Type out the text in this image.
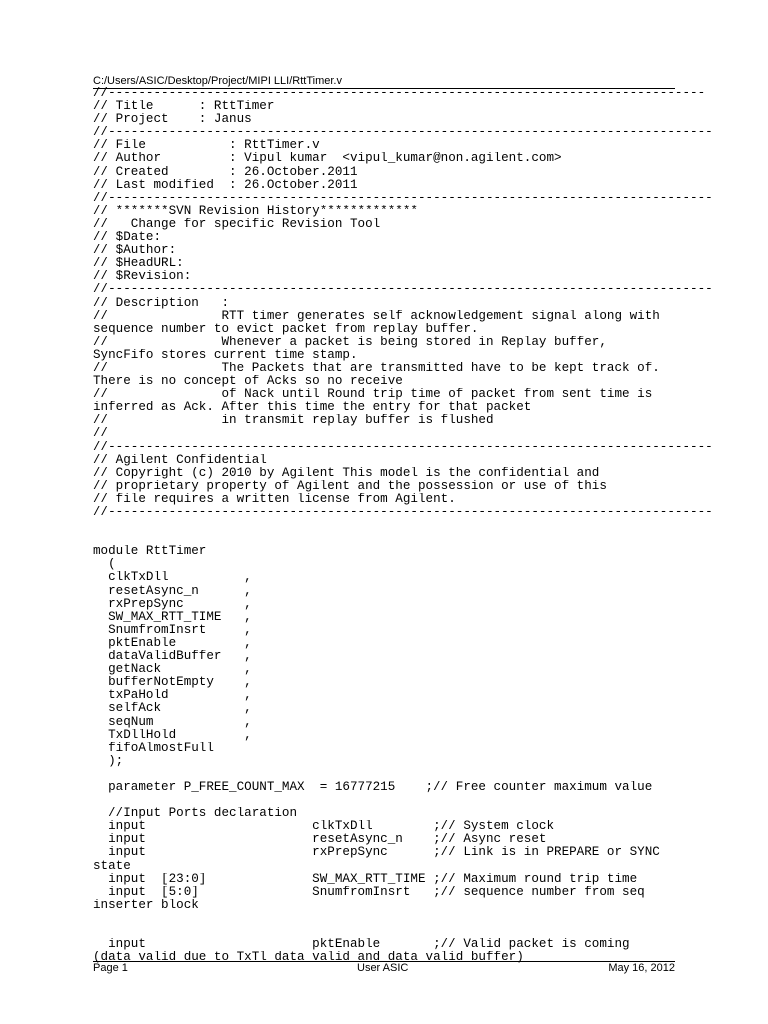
C:/Users/ASIC/Desktop/Project/MIPI LLI/RttTimer.v
//-------------------------------------------------------------------------------
// Title      : RttTimer
// Project    : Janus
//--------------------------------------------------------------------------------
// File           : RttTimer.v
// Author         : Vipul kumar  <vipul_kumar@non.agilent.com>
// Created        : 26.October.2011
// Last modified  : 26.October.2011
//--------------------------------------------------------------------------------
// *******SVN Revision History*************
//   Change for specific Revision Tool
// $Date:
// $Author:
// $HeadURL:
// $Revision:
//--------------------------------------------------------------------------------
// Description   :
//               RTT timer generates self acknowledgement signal along with
sequence number to evict packet from replay buffer.
//               Whenever a packet is being stored in Replay buffer,
SyncFifo stores current time stamp.
//               The Packets that are transmitted have to be kept track of.
There is no concept of Acks so no receive
//               of Nack until Round trip time of packet from sent time is
inferred as Ack. After this time the entry for that packet
//               in transmit replay buffer is flushed
//
//--------------------------------------------------------------------------------
// Agilent Confidential
// Copyright (c) 2010 by Agilent This model is the confidential and
// proprietary property of Agilent and the possession or use of this
// file requires a written license from Agilent.
//--------------------------------------------------------------------------------
module RttTimer
(
clkTxDll          ,
resetAsync_n      ,
rxPrepSync        ,
SW_MAX_RTT_TIME   ,
SnumfromInsrt     ,
pktEnable         ,
dataValidBuffer   ,
getNack           ,
bufferNotEmpty    ,
txPaHold          ,
selfAck           ,
seqNum            ,
TxDllHold         ,
fifoAlmostFull
);
parameter P_FREE_COUNT_MAX  = 16777215    ;// Free counter maximum value
//Input Ports declaration
input                      clkTxDll        ;// System clock
input                      resetAsync_n    ;// Async reset
input                      rxPrepSync      ;// Link is in PREPARE or SYNC
state
input  [23:0]              SW_MAX_RTT_TIME ;// Maximum round trip time
input  [5:0]               SnumfromInsrt   ;// sequence number from seq
inserter block
input                      pktEnable       ;// Valid packet is coming
(data valid due to TxTl data valid and data valid buffer)
Page 1	User ASIC	May 16, 2012
